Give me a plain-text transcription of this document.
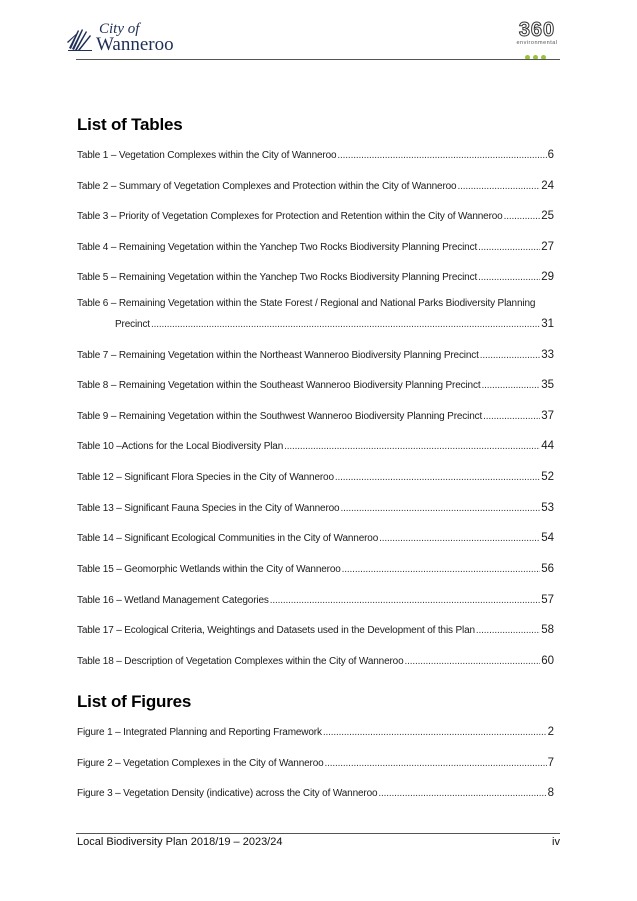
City of
Wanneroo
360
environmental
List of Tables
Table 1 – Vegetation Complexes within the City of Wanneroo .....	6
Table 2 – Summary of Vegetation Complexes and Protection within the City of Wanneroo .....	24
Table 3 – Priority of Vegetation Complexes for Protection and Retention within the City of Wanneroo .....	25
Table 4 – Remaining Vegetation within the Yanchep Two Rocks Biodiversity Planning Precinct .....	27
Table 5 – Remaining Vegetation within the Yanchep Two Rocks Biodiversity Planning Precinct .....	29
Table 6 – Remaining Vegetation within the State Forest / Regional and National Parks Biodiversity Planning
Precinct .....	31
Table 7 – Remaining Vegetation within the Northeast Wanneroo Biodiversity Planning Precinct .....	33
Table 8 – Remaining Vegetation within the Southeast Wanneroo Biodiversity Planning Precinct .....	35
Table 9 – Remaining Vegetation within the Southwest Wanneroo Biodiversity Planning Precinct .....	37
Table 10 –Actions for the Local Biodiversity Plan .....	44
Table 12 – Significant Flora Species in the City of Wanneroo .....	52
Table 13 – Significant Fauna Species in the City of Wanneroo .....	53
Table 14 – Significant Ecological Communities in the City of Wanneroo .....	54
Table 15 – Geomorphic Wetlands within the City of Wanneroo .....	56
Table 16 – Wetland Management Categories .....	57
Table 17 – Ecological Criteria, Weightings and Datasets used in the Development of this Plan .....	58
Table 18 – Description of Vegetation Complexes within the City of Wanneroo .....	60
List of Figures
Figure 1 – Integrated Planning and Reporting Framework .....	2
Figure 2 – Vegetation Complexes in the City of Wanneroo .....	7
Figure 3 – Vegetation Density (indicative) across the City of Wanneroo .....	8
Local Biodiversity Plan 2018/19 – 2023/24	iv
